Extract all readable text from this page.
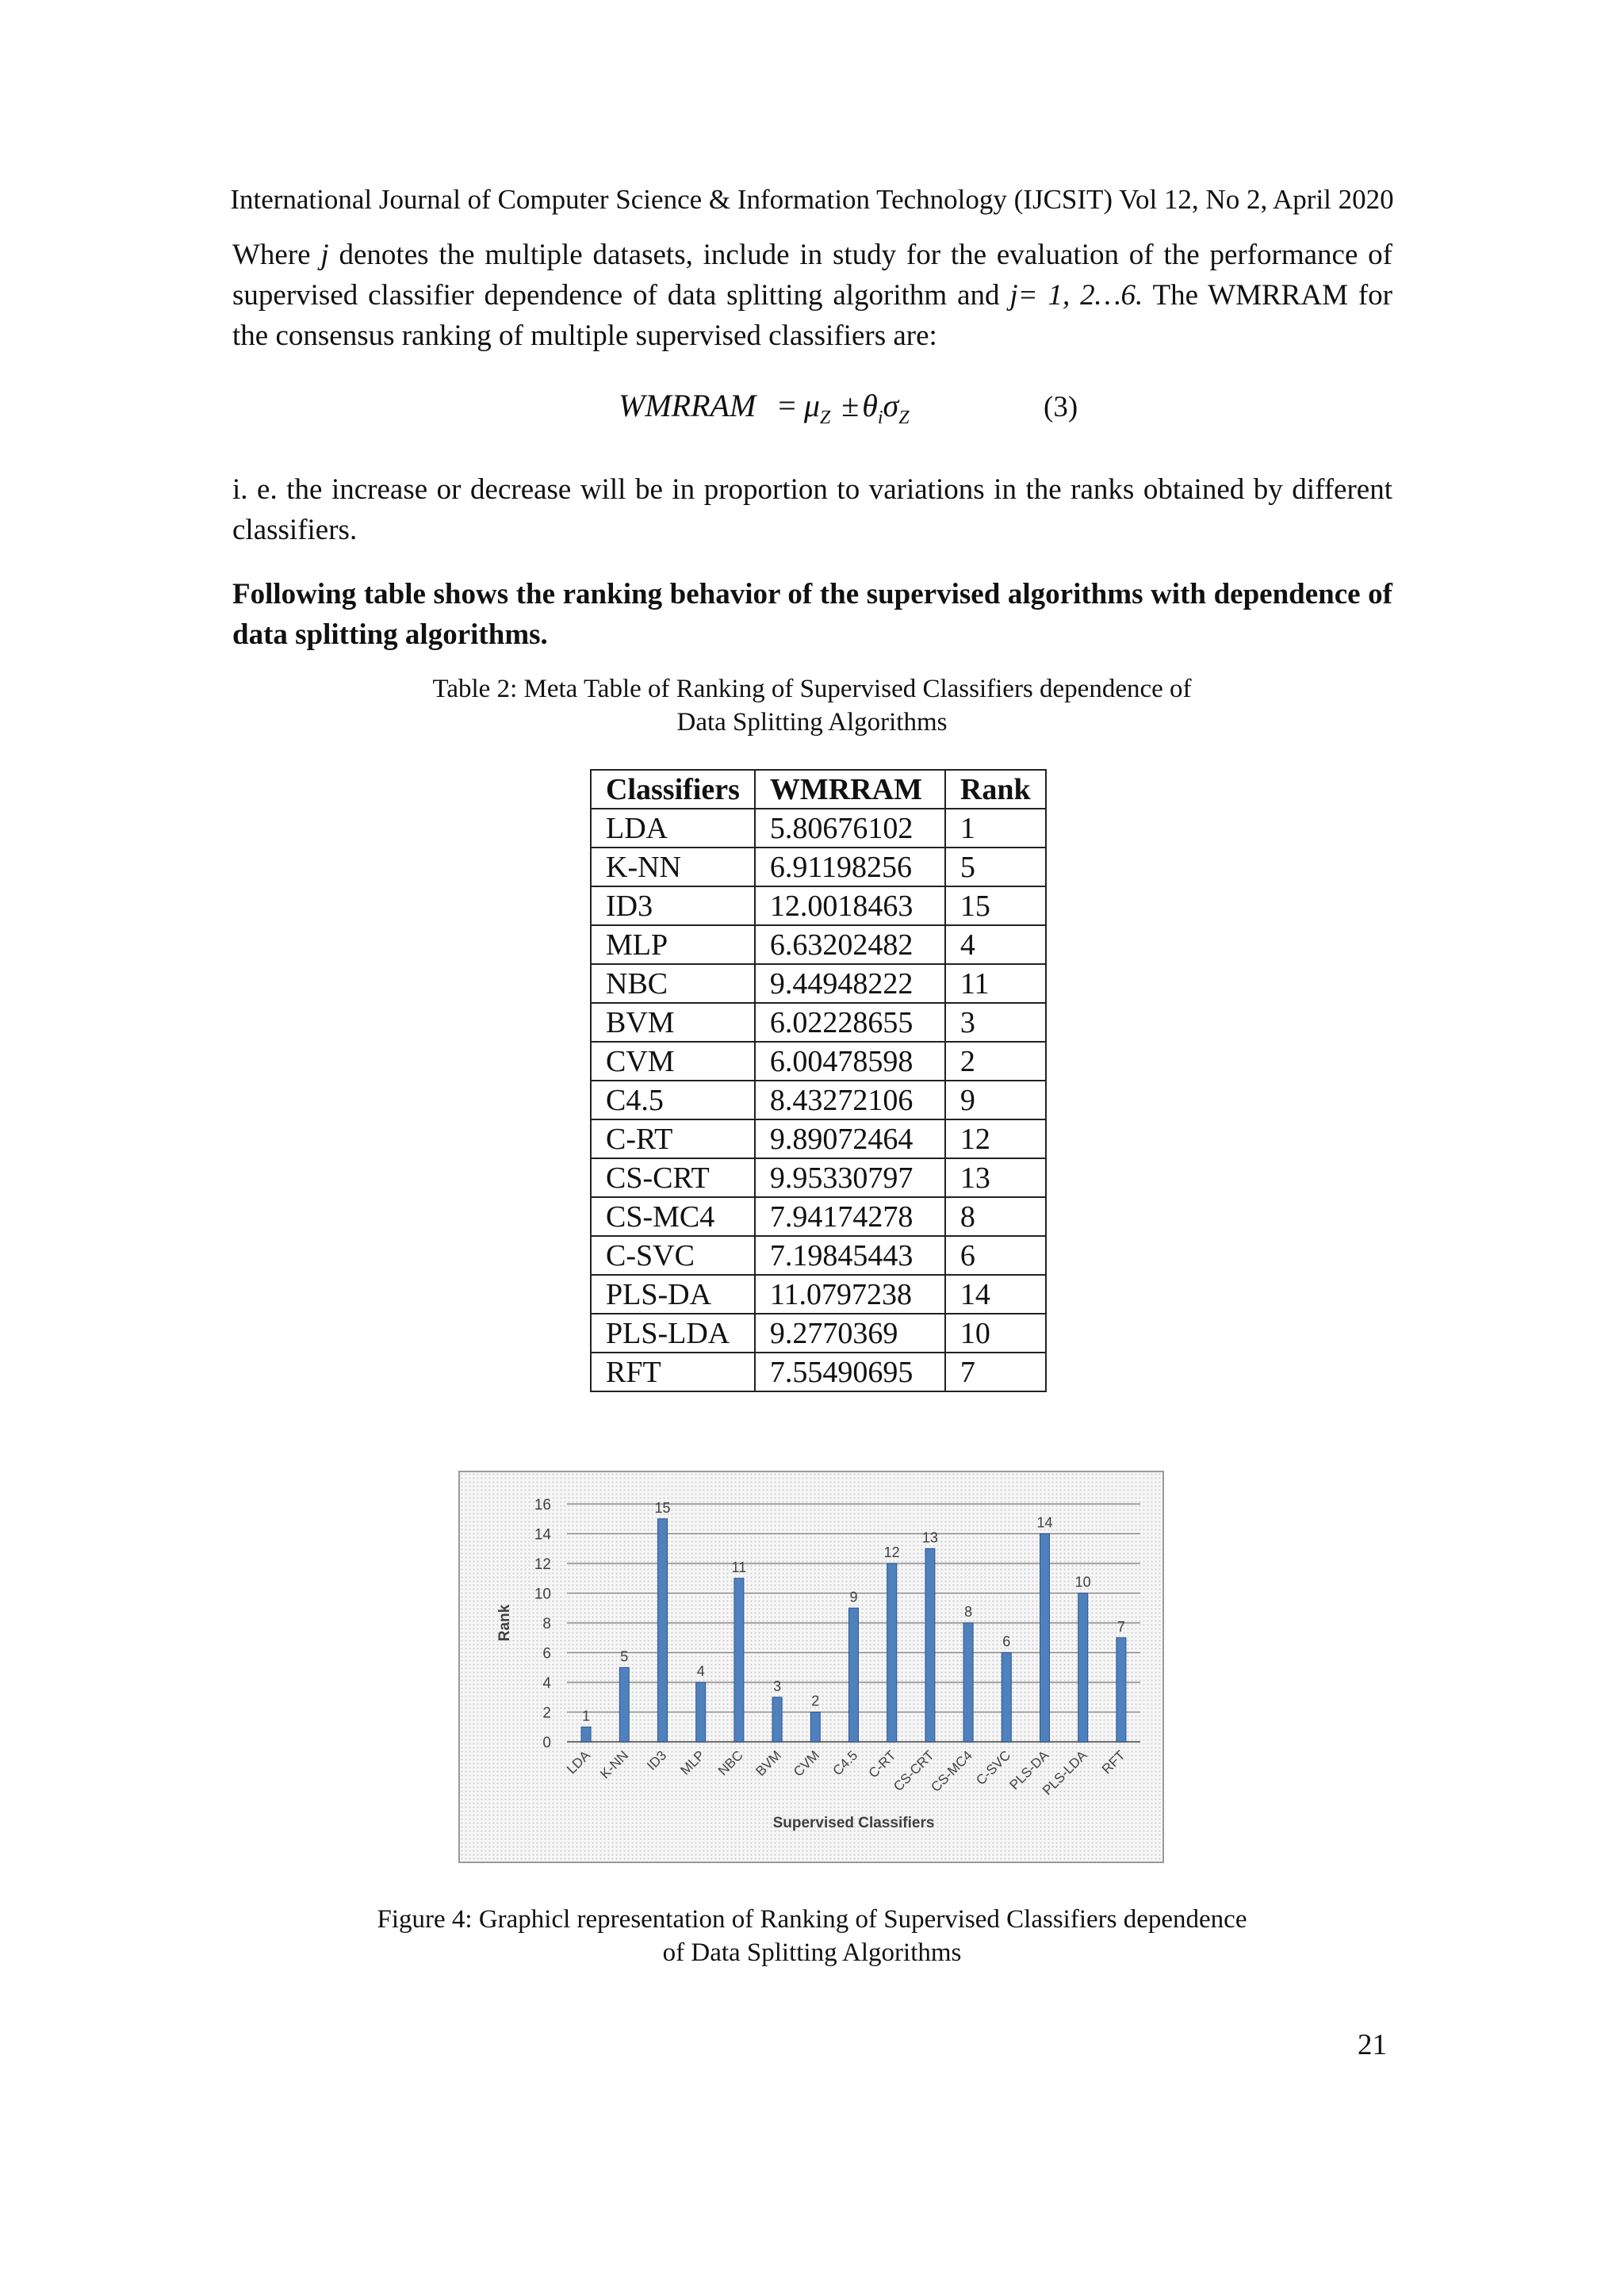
International Journal of Computer Science & Information Technology (IJCSIT) Vol 12, No 2, April 2020
Where j denotes the multiple datasets, include in study for the evaluation of the performance of supervised classifier dependence of data splitting algorithm and j= 1, 2…6. The WMRRAM for the consensus ranking of multiple supervised classifiers are:
WMRRAM = $\mu_Z \pm \theta_i\sigma_Z$	(3)
i. e. the increase or decrease will be in proportion to variations in the ranks obtained by different classifiers.
Following table shows the ranking behavior of the supervised algorithms with dependence of data splitting algorithms.
Table 2: Meta Table of Ranking of Supervised Classifiers dependence of
Data Splitting Algorithms
Classifiers	WMRRAM	Rank
LDA	5.80676102	1
K-NN	6.91198256	5
ID3	12.0018463	15
MLP	6.63202482	4
NBC	9.44948222	11
BVM	6.02228655	3
CVM	6.00478598	2
C4.5	8.43272106	9
C-RT	9.89072464	12
CS-CRT	9.95330797	13
CS-MC4	7.94174278	8
C-SVC	7.19845443	6
PLS-DA	11.0797238	14
PLS-LDA	9.2770369	10
RFT	7.55490695	7
0
2
4
6
8
10
12
14
16
1
LDA
5
K-NN
15
ID3
4
MLP
11
NBC
3
BVM
2
CVM
9
C4.5
12
C-RT
13
CS-CRT
8
CS-MC4
6
C-SVC
14
PLS-DA
10
PLS-LDA
7
RFT
Rank
Supervised Classifiers
Figure 4: Graphicl representation of Ranking of Supervised Classifiers dependence
of Data Splitting Algorithms
21
